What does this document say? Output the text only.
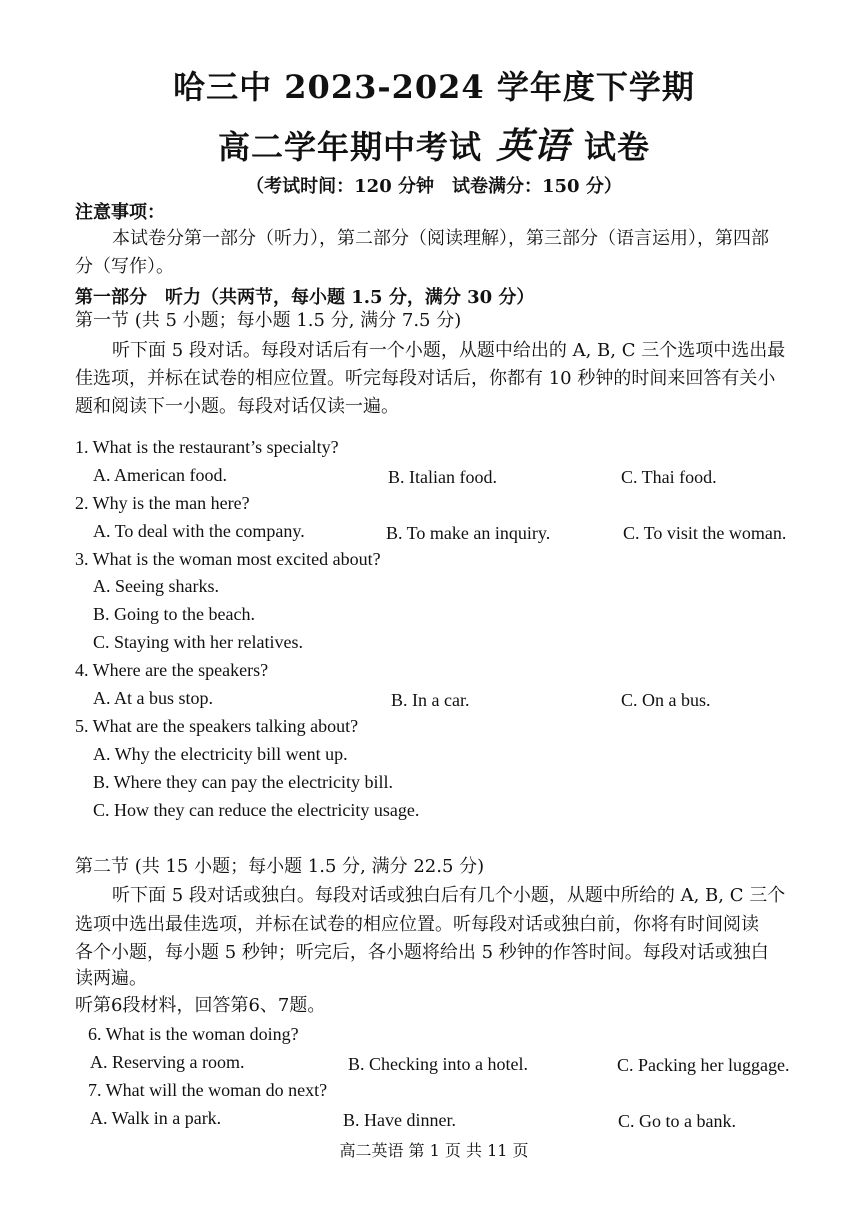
哈三中 2023-2024 学年度下学期
高二学年期中考试 英语 试卷
（考试时间：120 分钟　试卷满分：150 分）
注意事项：
本试卷分第一部分（听力），第二部分（阅读理解），第三部分（语言运用），第四部
分（写作）。
第一部分　听力（共两节，每小题 1.5 分，满分 30 分）
第一节 (共 5 小题；每小题 1.5 分, 满分 7.5 分)
听下面 5 段对话。每段对话后有一个小题，从题中给出的 A, B, C 三个选项中选出最
佳选项，并标在试卷的相应位置。听完每段对话后，你都有 10 秒钟的时间来回答有关小
题和阅读下一小题。每段对话仅读一遍。
1. What is the restaurant’s specialty?
A. American food.	B. Italian food.	C. Thai food.
2. Why is the man here?
A. To deal with the company.	B. To make an inquiry.	C. To visit the woman.
3. What is the woman most excited about?
A. Seeing sharks.
B. Going to the beach.
C. Staying with her relatives.
4. Where are the speakers?
A. At a bus stop.	B. In a car.	C. On a bus.
5. What are the speakers talking about?
A. Why the electricity bill went up.
B. Where they can pay the electricity bill.
C. How they can reduce the electricity usage.
第二节 (共 15 小题；每小题 1.5 分, 满分 22.5 分)
听下面 5 段对话或独白。每段对话或独白后有几个小题，从题中所给的 A, B, C 三个
选项中选出最佳选项，并标在试卷的相应位置。听每段对话或独白前，你将有时间阅读
各个小题，每小题 5 秒钟；听完后，各小题将给出 5 秒钟的作答时间。每段对话或独白
读两遍。
听第6段材料，回答第6、7题。
6. What is the woman doing?
A. Reserving a room.	B. Checking into a hotel.	C. Packing her luggage.
7. What will the woman do next?
A. Walk in a park.	B. Have dinner.	C. Go to a bank.
高二英语 第 1 页 共 11 页
